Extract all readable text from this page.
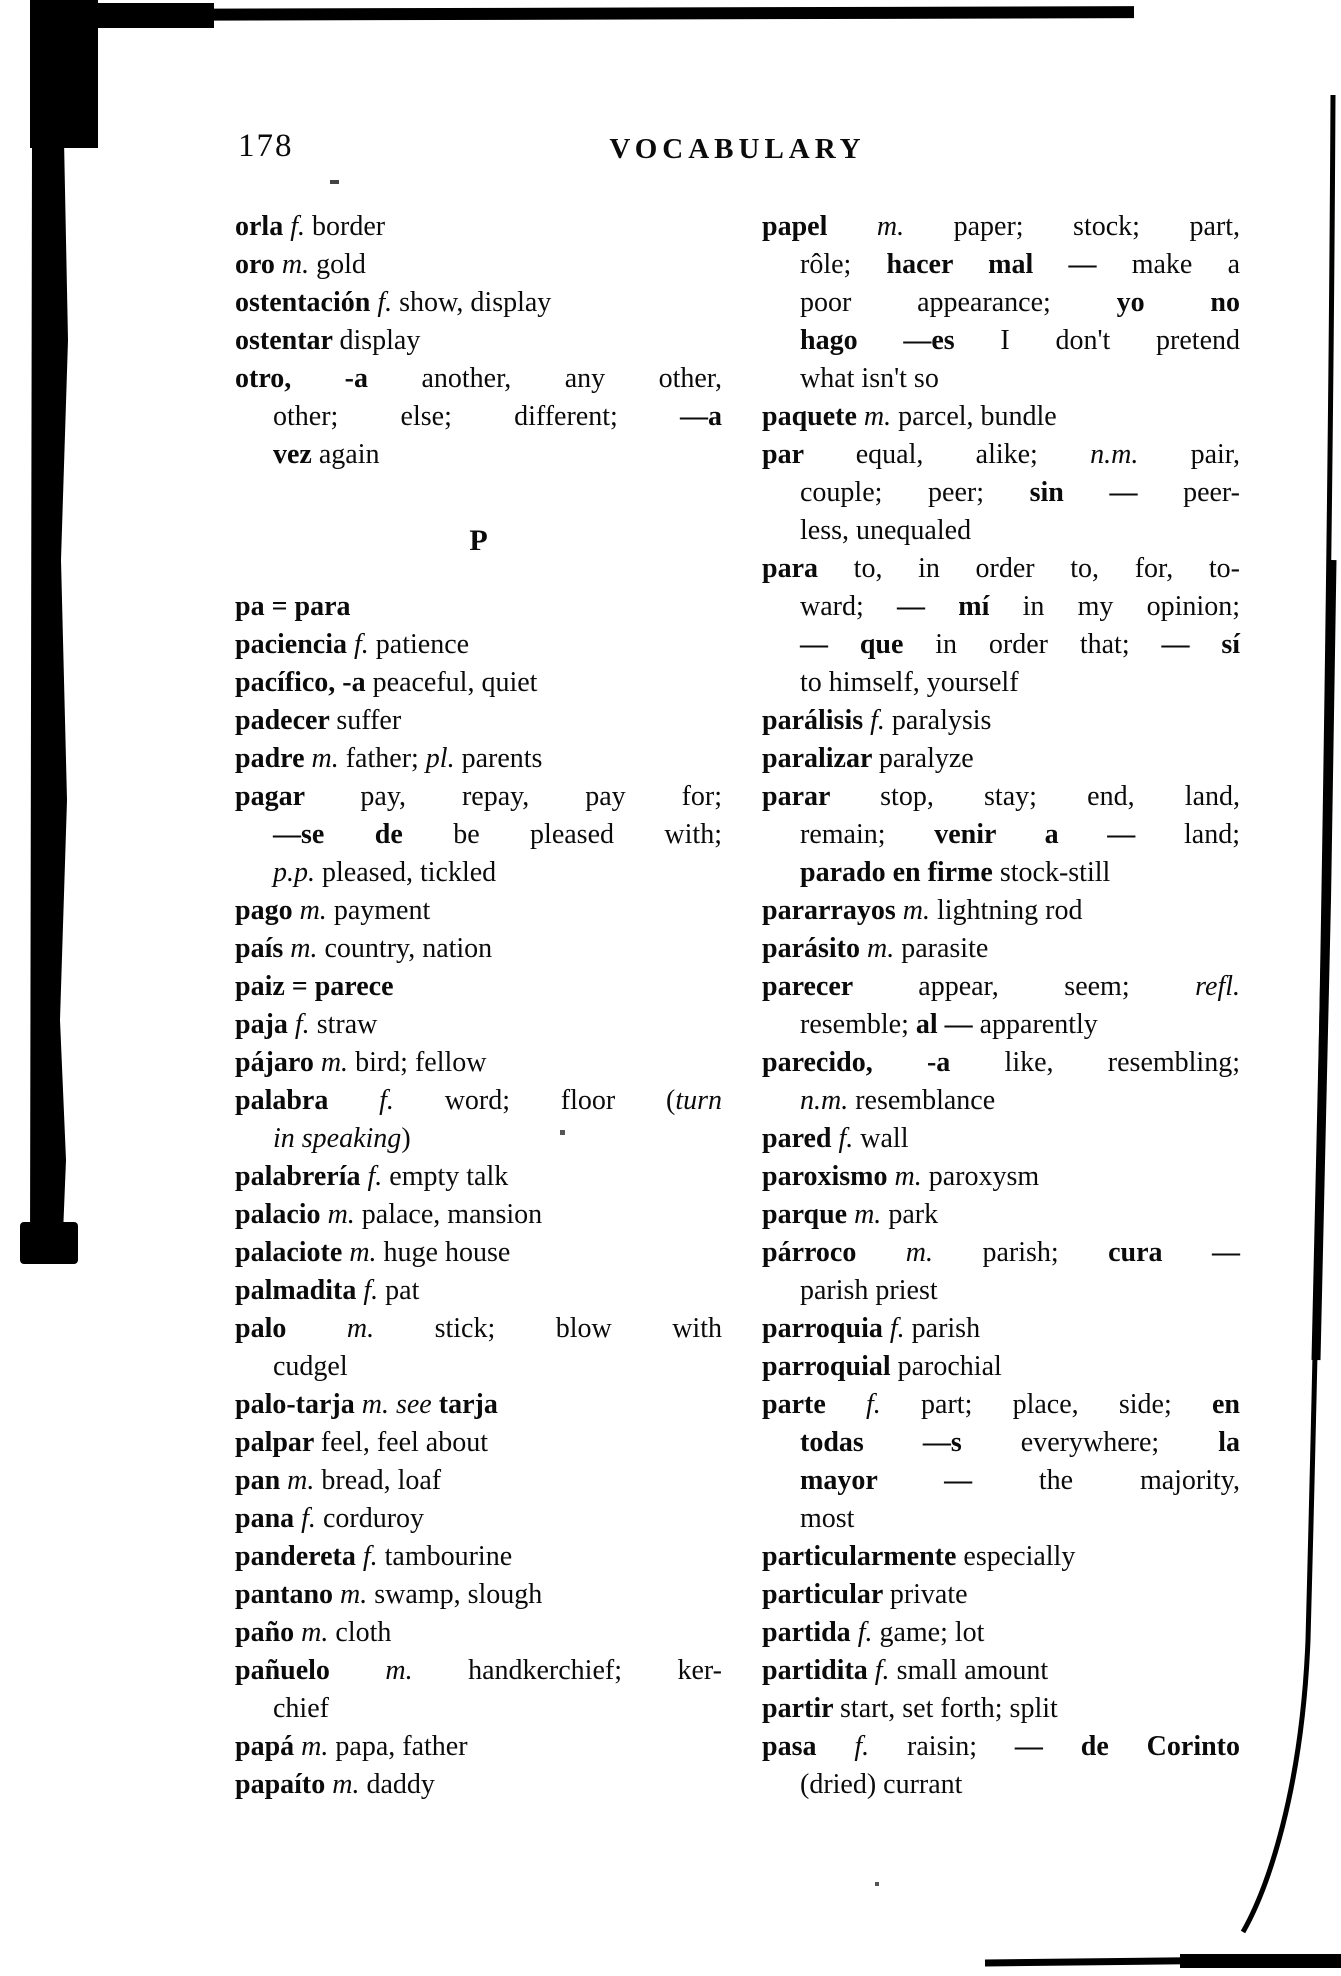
178	VOCABULARY
orla f. border
oro m. gold
ostentación f. show, display
ostentar display
otro, -a another, any other,
other; else; different; —a
vez again
P
pa = para
paciencia f. patience
pacífico, -a peaceful, quiet
padecer suffer
padre m. father; pl. parents
pagar pay, repay, pay for;
—se de be pleased with;
p.p. pleased, tickled
pago m. payment
país m. country, nation
paiz = parece
paja f. straw
pájaro m. bird; fellow
palabra f. word; floor (turn
in speaking)
palabrería f. empty talk
palacio m. palace, mansion
palaciote m. huge house
palmadita f. pat
palo m. stick; blow with
cudgel
palo-tarja m. see tarja
palpar feel, feel about
pan m. bread, loaf
pana f. corduroy
pandereta f. tambourine
pantano m. swamp, slough
paño m. cloth
pañuelo m. handkerchief; ker-
chief
papá m. papa, father
papaíto m. daddy
papel m. paper; stock; part,
rôle; hacer mal — make a
poor appearance; yo no
hago —es I don't pretend
what isn't so
paquete m. parcel, bundle
par equal, alike; n.m. pair,
couple; peer; sin — peer-
less, unequaled
para to, in order to, for, to-
ward; — mí in my opinion;
— que in order that; — sí
to himself, yourself
parálisis f. paralysis
paralizar paralyze
parar stop, stay; end, land,
remain; venir a — land;
parado en firme stock-still
pararrayos m. lightning rod
parásito m. parasite
parecer appear, seem; refl.
resemble; al — apparently
parecido, -a like, resembling;
n.m. resemblance
pared f. wall
paroxismo m. paroxysm
parque m. park
párroco m. parish; cura —
parish priest
parroquia f. parish
parroquial parochial
parte f. part; place, side; en
todas —s everywhere; la
mayor — the majority,
most
particularmente especially
particular private
partida f. game; lot
partidita f. small amount
partir start, set forth; split
pasa f. raisin; — de Corinto
(dried) currant
